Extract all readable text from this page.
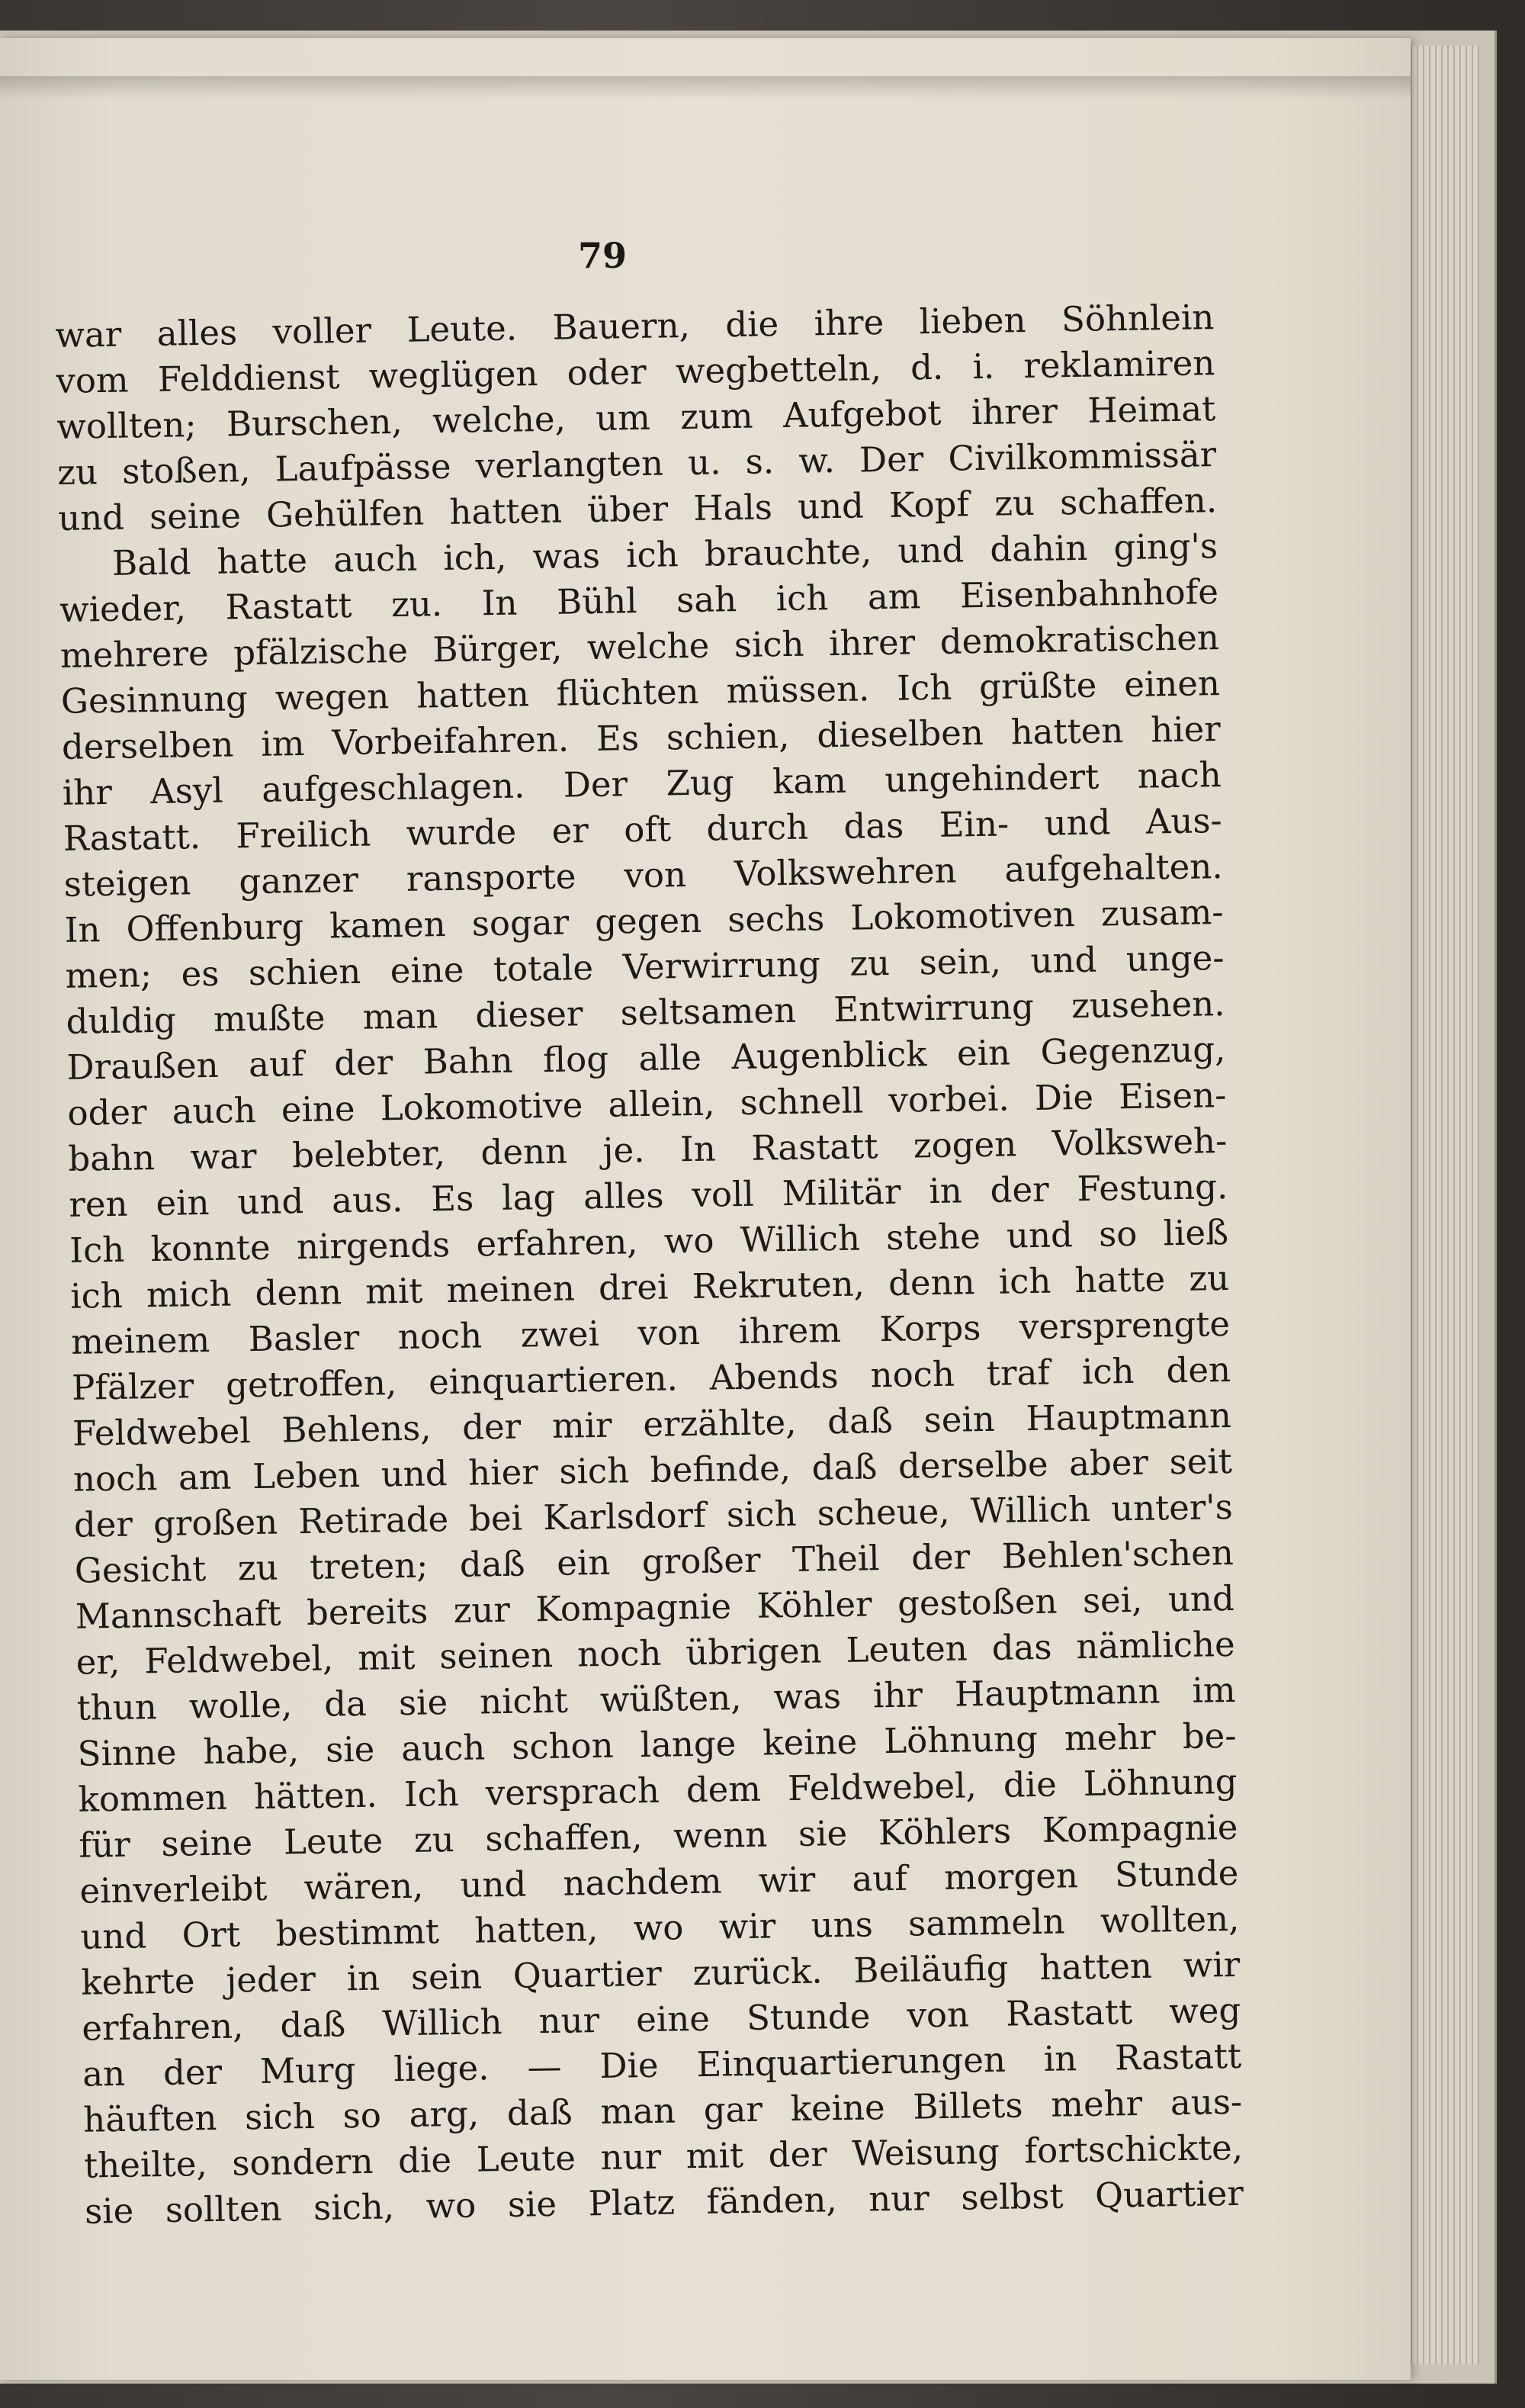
79
war alles voller Leute. Bauern, die ihre lieben Söhnlein
vom Felddienst weglügen oder wegbetteln, d. i. reklamiren
wollten; Burschen, welche, um zum Aufgebot ihrer Heimat
zu stoßen, Laufpässe verlangten u. s. w. Der Civilkommissär
und seine Gehülfen hatten über Hals und Kopf zu schaffen.
Bald hatte auch ich, was ich brauchte, und dahin ging's
wieder, Rastatt zu. In Bühl sah ich am Eisenbahnhofe
mehrere pfälzische Bürger, welche sich ihrer demokratischen
Gesinnung wegen hatten flüchten müssen. Ich grüßte einen
derselben im Vorbeifahren. Es schien, dieselben hatten hier
ihr Asyl aufgeschlagen. Der Zug kam ungehindert nach
Rastatt. Freilich wurde er oft durch das Ein- und Aus-
steigen ganzer ransporte von Volkswehren aufgehalten.
In Offenburg kamen sogar gegen sechs Lokomotiven zusam-
men; es schien eine totale Verwirrung zu sein, und unge-
duldig mußte man dieser seltsamen Entwirrung zusehen.
Draußen auf der Bahn flog alle Augenblick ein Gegenzug,
oder auch eine Lokomotive allein, schnell vorbei. Die Eisen-
bahn war belebter, denn je. In Rastatt zogen Volksweh-
ren ein und aus. Es lag alles voll Militär in der Festung.
Ich konnte nirgends erfahren, wo Willich stehe und so ließ
ich mich denn mit meinen drei Rekruten, denn ich hatte zu
meinem Basler noch zwei von ihrem Korps versprengte
Pfälzer getroffen, einquartieren. Abends noch traf ich den
Feldwebel Behlens, der mir erzählte, daß sein Hauptmann
noch am Leben und hier sich befinde, daß derselbe aber seit
der großen Retirade bei Karlsdorf sich scheue, Willich unter's
Gesicht zu treten; daß ein großer Theil der Behlen'schen
Mannschaft bereits zur Kompagnie Köhler gestoßen sei, und
er, Feldwebel, mit seinen noch übrigen Leuten das nämliche
thun wolle, da sie nicht wüßten, was ihr Hauptmann im
Sinne habe, sie auch schon lange keine Löhnung mehr be-
kommen hätten. Ich versprach dem Feldwebel, die Löhnung
für seine Leute zu schaffen, wenn sie Köhlers Kompagnie
einverleibt wären, und nachdem wir auf morgen Stunde
und Ort bestimmt hatten, wo wir uns sammeln wollten,
kehrte jeder in sein Quartier zurück. Beiläufig hatten wir
erfahren, daß Willich nur eine Stunde von Rastatt weg
an der Murg liege. — Die Einquartierungen in Rastatt
häuften sich so arg, daß man gar keine Billets mehr aus-
theilte, sondern die Leute nur mit der Weisung fortschickte,
sie sollten sich, wo sie Platz fänden, nur selbst Quartier
